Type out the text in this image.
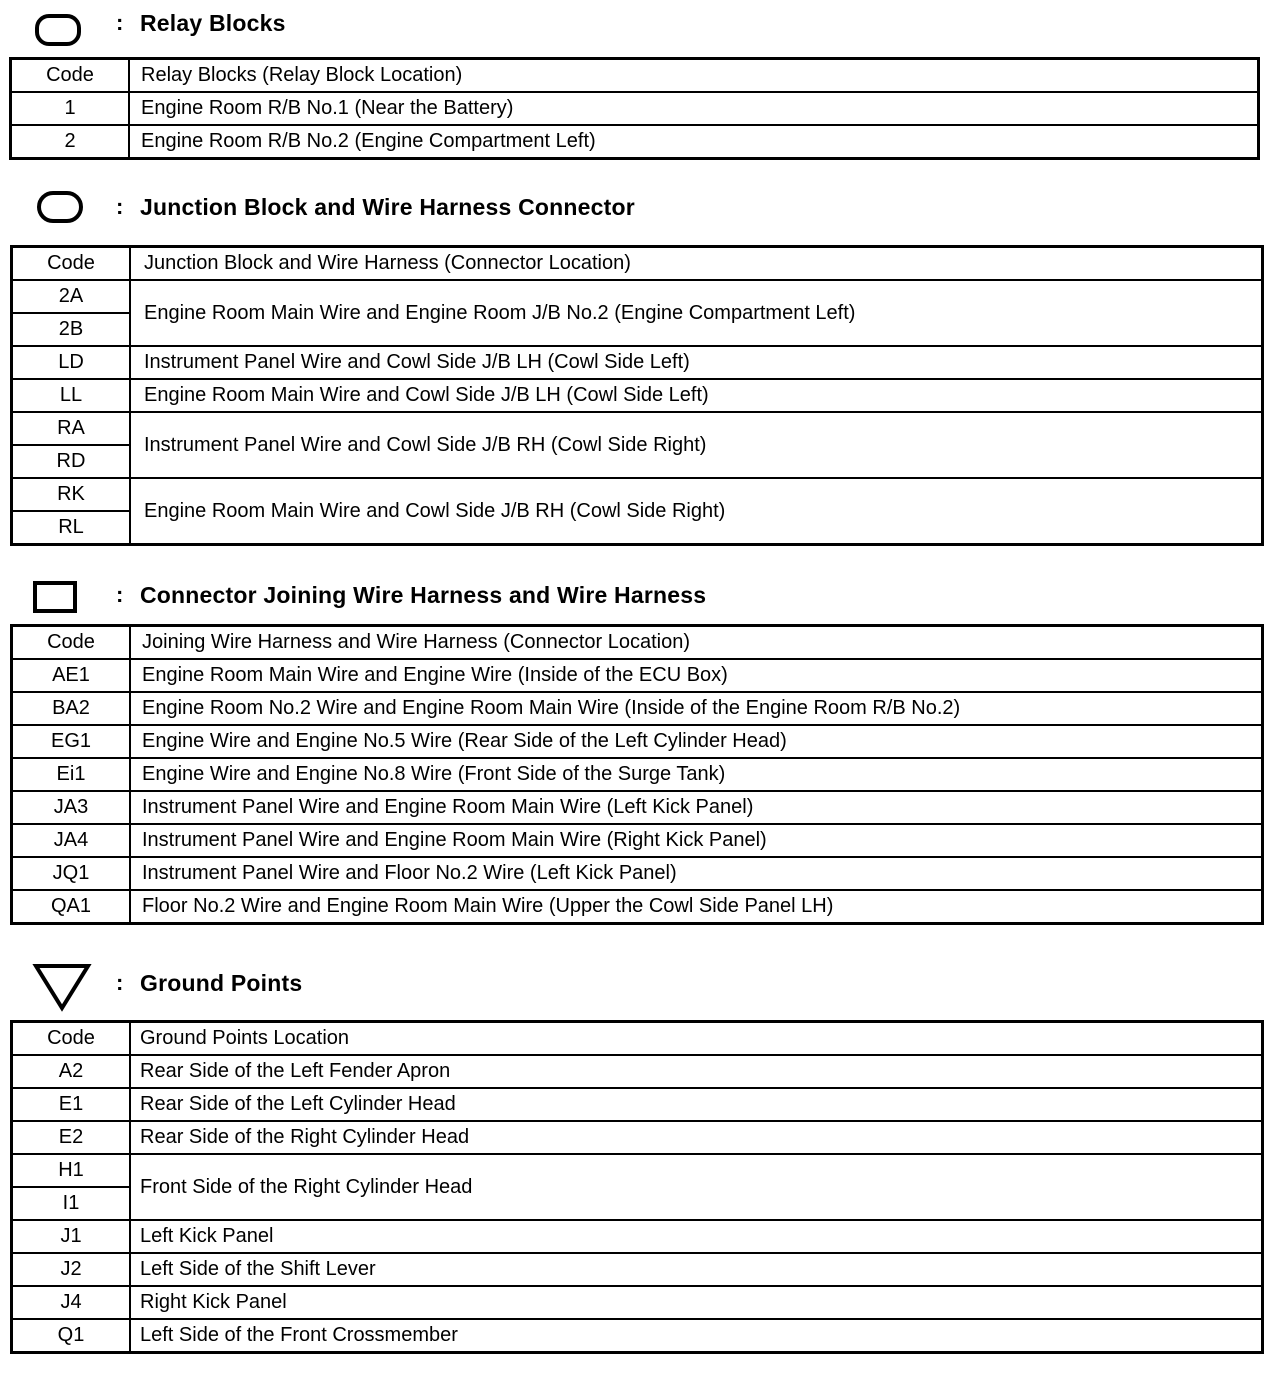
: Relay Blocks
Code	Relay Blocks (Relay Block Location)
1	Engine Room R/B No.1 (Near the Battery)
2	Engine Room R/B No.2 (Engine Compartment Left)
: Junction Block and Wire Harness Connector
Code	Junction Block and Wire Harness (Connector Location)
2A	Engine Room Main Wire and Engine Room J/B No.2 (Engine Compartment Left)
2B	
LD	Instrument Panel Wire and Cowl Side J/B LH (Cowl Side Left)
LL	Engine Room Main Wire and Cowl Side J/B LH (Cowl Side Left)
RA	Instrument Panel Wire and Cowl Side J/B RH (Cowl Side Right)
RD	
RK	Engine Room Main Wire and Cowl Side J/B RH (Cowl Side Right)
RL	
: Connector Joining Wire Harness and Wire Harness
Code	Joining Wire Harness and Wire Harness (Connector Location)
AE1	Engine Room Main Wire and Engine Wire (Inside of the ECU Box)
BA2	Engine Room No.2 Wire and Engine Room Main Wire (Inside of the Engine Room R/B No.2)
EG1	Engine Wire and Engine No.5 Wire (Rear Side of the Left Cylinder Head)
Ei1	Engine Wire and Engine No.8 Wire (Front Side of the Surge Tank)
JA3	Instrument Panel Wire and Engine Room Main Wire (Left Kick Panel)
JA4	Instrument Panel Wire and Engine Room Main Wire (Right Kick Panel)
JQ1	Instrument Panel Wire and Floor No.2 Wire (Left Kick Panel)
QA1	Floor No.2 Wire and Engine Room Main Wire (Upper the Cowl Side Panel LH)
: Ground Points
Code	Ground Points Location
A2	Rear Side of the Left Fender Apron
E1	Rear Side of the Left Cylinder Head
E2	Rear Side of the Right Cylinder Head
H1	Front Side of the Right Cylinder Head
I1	
J1	Left Kick Panel
J2	Left Side of the Shift Lever
J4	Right Kick Panel
Q1	Left Side of the Front Crossmember
